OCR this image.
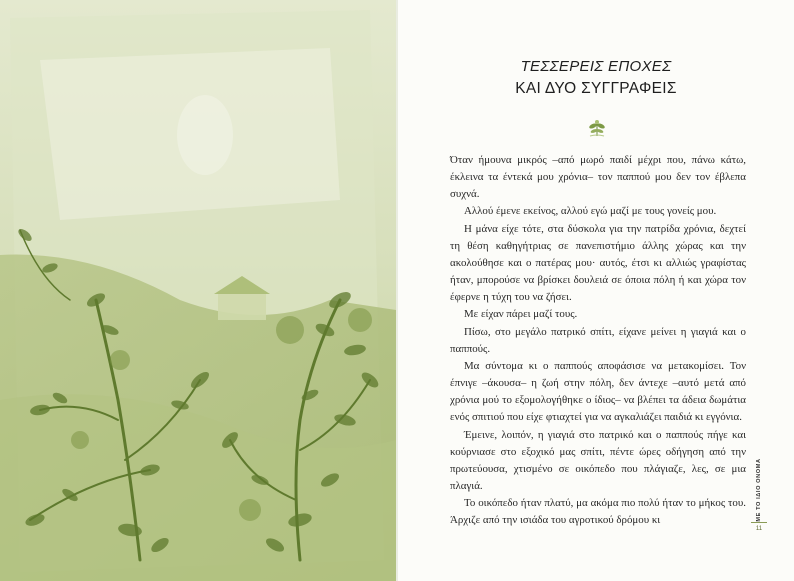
ΤΕΣΣΕΡΕΙΣ ΕΠΟΧΕΣ
ΚΑΙ ΔΥΟ ΣΥΓΓΡΑΦΕΙΣ

Όταν ήμουνα μικρός –από μωρό παιδί μέχρι που, πάνω κάτω, έκλεινα τα έντεκά μου χρόνια– τον παππού μου δεν τον έβλεπα συχνά.

Αλλού έμενε εκείνος, αλλού εγώ μαζί με τους γονείς μου.

Η μάνα είχε τότε, στα δύσκολα για την πατρίδα χρόνια, δεχτεί τη θέση καθηγήτριας σε πανεπιστήμιο άλλης χώρας και την ακολούθησε και ο πατέρας μου· αυτός, έτσι κι αλλιώς γραφίστας ήταν, μπορούσε να βρίσκει δουλειά σε όποια πόλη ή και χώρα τον έφερνε η τύχη του να ζήσει.

Με είχαν πάρει μαζί τους.

Πίσω, στο μεγάλο πατρικό σπίτι, είχανε μείνει η γιαγιά και ο παππούς.

Μα σύντομα κι ο παππούς αποφάσισε να μετακομίσει. Τον έπνιγε –άκουσα– η ζωή στην πόλη, δεν άντεχε –αυτό μετά από χρόνια μού το εξομολογήθηκε ο ίδιος– να βλέπει τα άδεια δωμάτια ενός σπιτιού που είχε φτιαχτεί για να αγκαλιάζει παιδιά κι εγγόνια.

Έμεινε, λοιπόν, η γιαγιά στο πατρικό και ο παππούς πήγε και κούρνιασε στο εξοχικό μας σπίτι, πέντε ώρες οδήγηση από την πρωτεύουσα, χτισμένο σε οικόπεδο που πλάγιαζε, λες, σε μια πλαγιά.

Το οικόπεδο ήταν πλατύ, μα ακόμα πιο πολύ ήταν το μήκος του. Άρχιζε από την ισιάδα του αγροτικού δρόμου κι	ΜΕ ΤΟ ΙΔΙΟ ΟΝΟΜΑ
11
